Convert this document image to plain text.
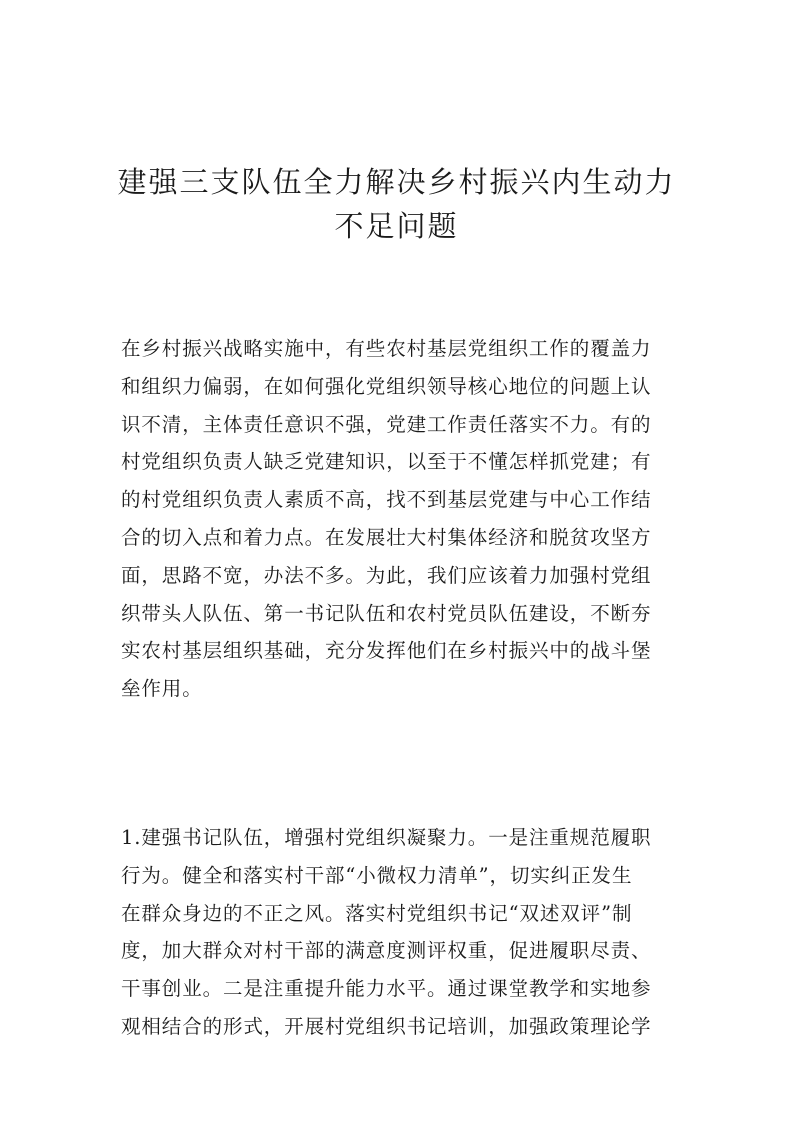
建强三支队伍全力解决乡村振兴内生动力
不足问题

在乡村振兴战略实施中，有些农村基层党组织工作的覆盖力
和组织力偏弱，在如何强化党组织领导核心地位的问题上认
识不清，主体责任意识不强，党建工作责任落实不力。有的
村党组织负责人缺乏党建知识，以至于不懂怎样抓党建；有
的村党组织负责人素质不高，找不到基层党建与中心工作结
合的切入点和着力点。在发展壮大村集体经济和脱贫攻坚方
面，思路不宽，办法不多。为此，我们应该着力加强村党组
织带头人队伍、第一书记队伍和农村党员队伍建设，不断夯
实农村基层组织基础，充分发挥他们在乡村振兴中的战斗堡
垒作用。

1.建强书记队伍，增强村党组织凝聚力。一是注重规范履职
行为。健全和落实村干部“小微权力清单”，切实纠正发生
在群众身边的不正之风。落实村党组织书记“双述双评”制
度，加大群众对村干部的满意度测评权重，促进履职尽责、
干事创业。二是注重提升能力水平。通过课堂教学和实地参
观相结合的形式，开展村党组织书记培训，加强政策理论学
